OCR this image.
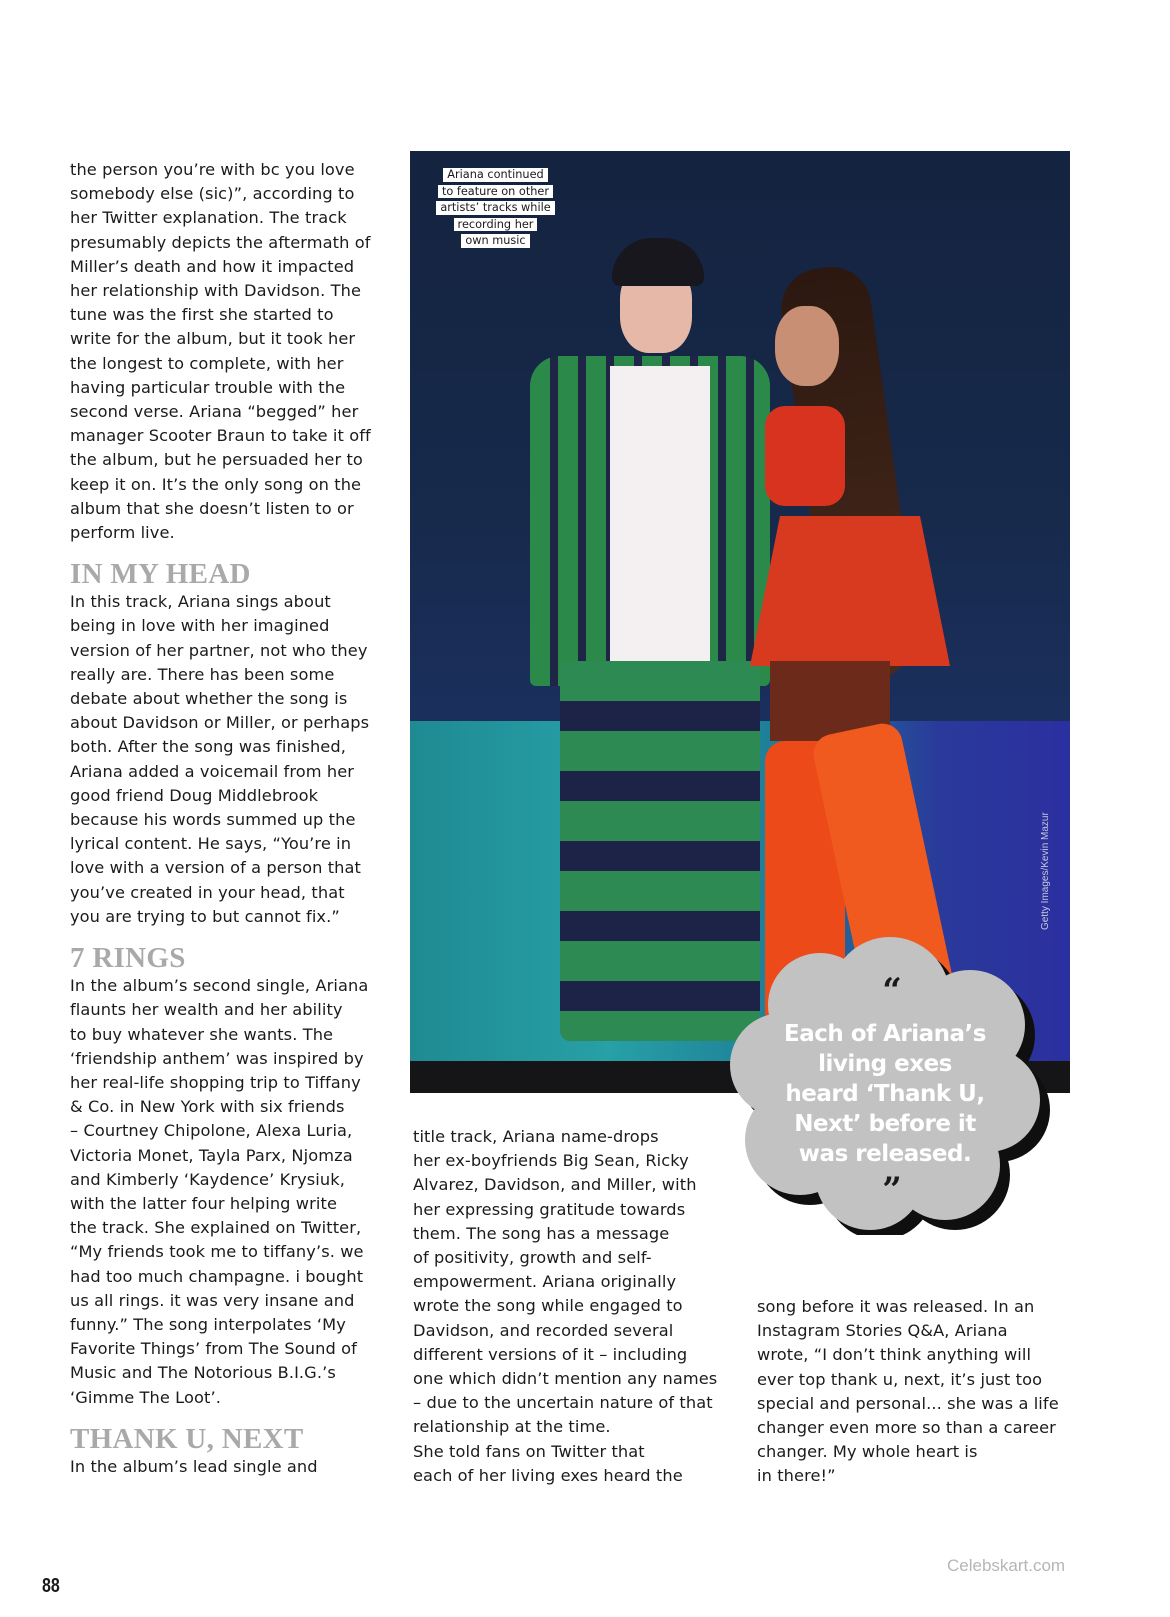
the person you’re with bc you love
somebody else (sic)”, according to
her Twitter explanation. The track
presumably depicts the aftermath of
Miller’s death and how it impacted
her relationship with Davidson. The
tune was the first she started to
write for the album, but it took her
the longest to complete, with her
having particular trouble with the
second verse. Ariana “begged” her
manager Scooter Braun to take it off
the album, but he persuaded her to
keep it on. It’s the only song on the
album that she doesn’t listen to or
perform live.

IN MY HEAD

In this track, Ariana sings about
being in love with her imagined
version of her partner, not who they
really are. There has been some
debate about whether the song is
about Davidson or Miller, or perhaps
both. After the song was finished,
Ariana added a voicemail from her
good friend Doug Middlebrook
because his words summed up the
lyrical content. He says, “You’re in
love with a version of a person that
you’ve created in your head, that
you are trying to but cannot fix.”

7 RINGS

In the album’s second single, Ariana
flaunts her wealth and her ability
to buy whatever she wants. The
‘friendship anthem’ was inspired by
her real-life shopping trip to Tiffany
& Co. in New York with six friends
– Courtney Chipolone, Alexa Luria,
Victoria Monet, Tayla Parx, Njomza
and Kimberly ‘Kaydence’ Krysiuk,
with the latter four helping write
the track. She explained on Twitter,
“My friends took me to tiffany’s. we
had too much champagne. i bought
us all rings. it was very insane and
funny.” The song interpolates ‘My
Favorite Things’ from The Sound of
Music and The Notorious B.I.G.’s
‘Gimme The Loot’.

THANK U, NEXT

In the album’s lead single and

Ariana continued
to feature on other
artists’ tracks while
recording her
own music
Getty Images/Kevin Mazur
“
Each of Ariana’s
living exes
heard ‘Thank U,
Next’ before it
was released.
”

title track, Ariana name-drops
her ex-boyfriends Big Sean, Ricky
Alvarez, Davidson, and Miller, with
her expressing gratitude towards
them. The song has a message
of positivity, growth and self-
empowerment. Ariana originally
wrote the song while engaged to
Davidson, and recorded several
different versions of it – including
one which didn’t mention any names
– due to the uncertain nature of that
relationship at the time.
She told fans on Twitter that
each of her living exes heard the

song before it was released. In an
Instagram Stories Q&A, Ariana
wrote, “I don’t think anything will
ever top thank u, next, it’s just too
special and personal... she was a life
changer even more so than a career
changer. My whole heart is
in there!”

88
Celebskart.com
